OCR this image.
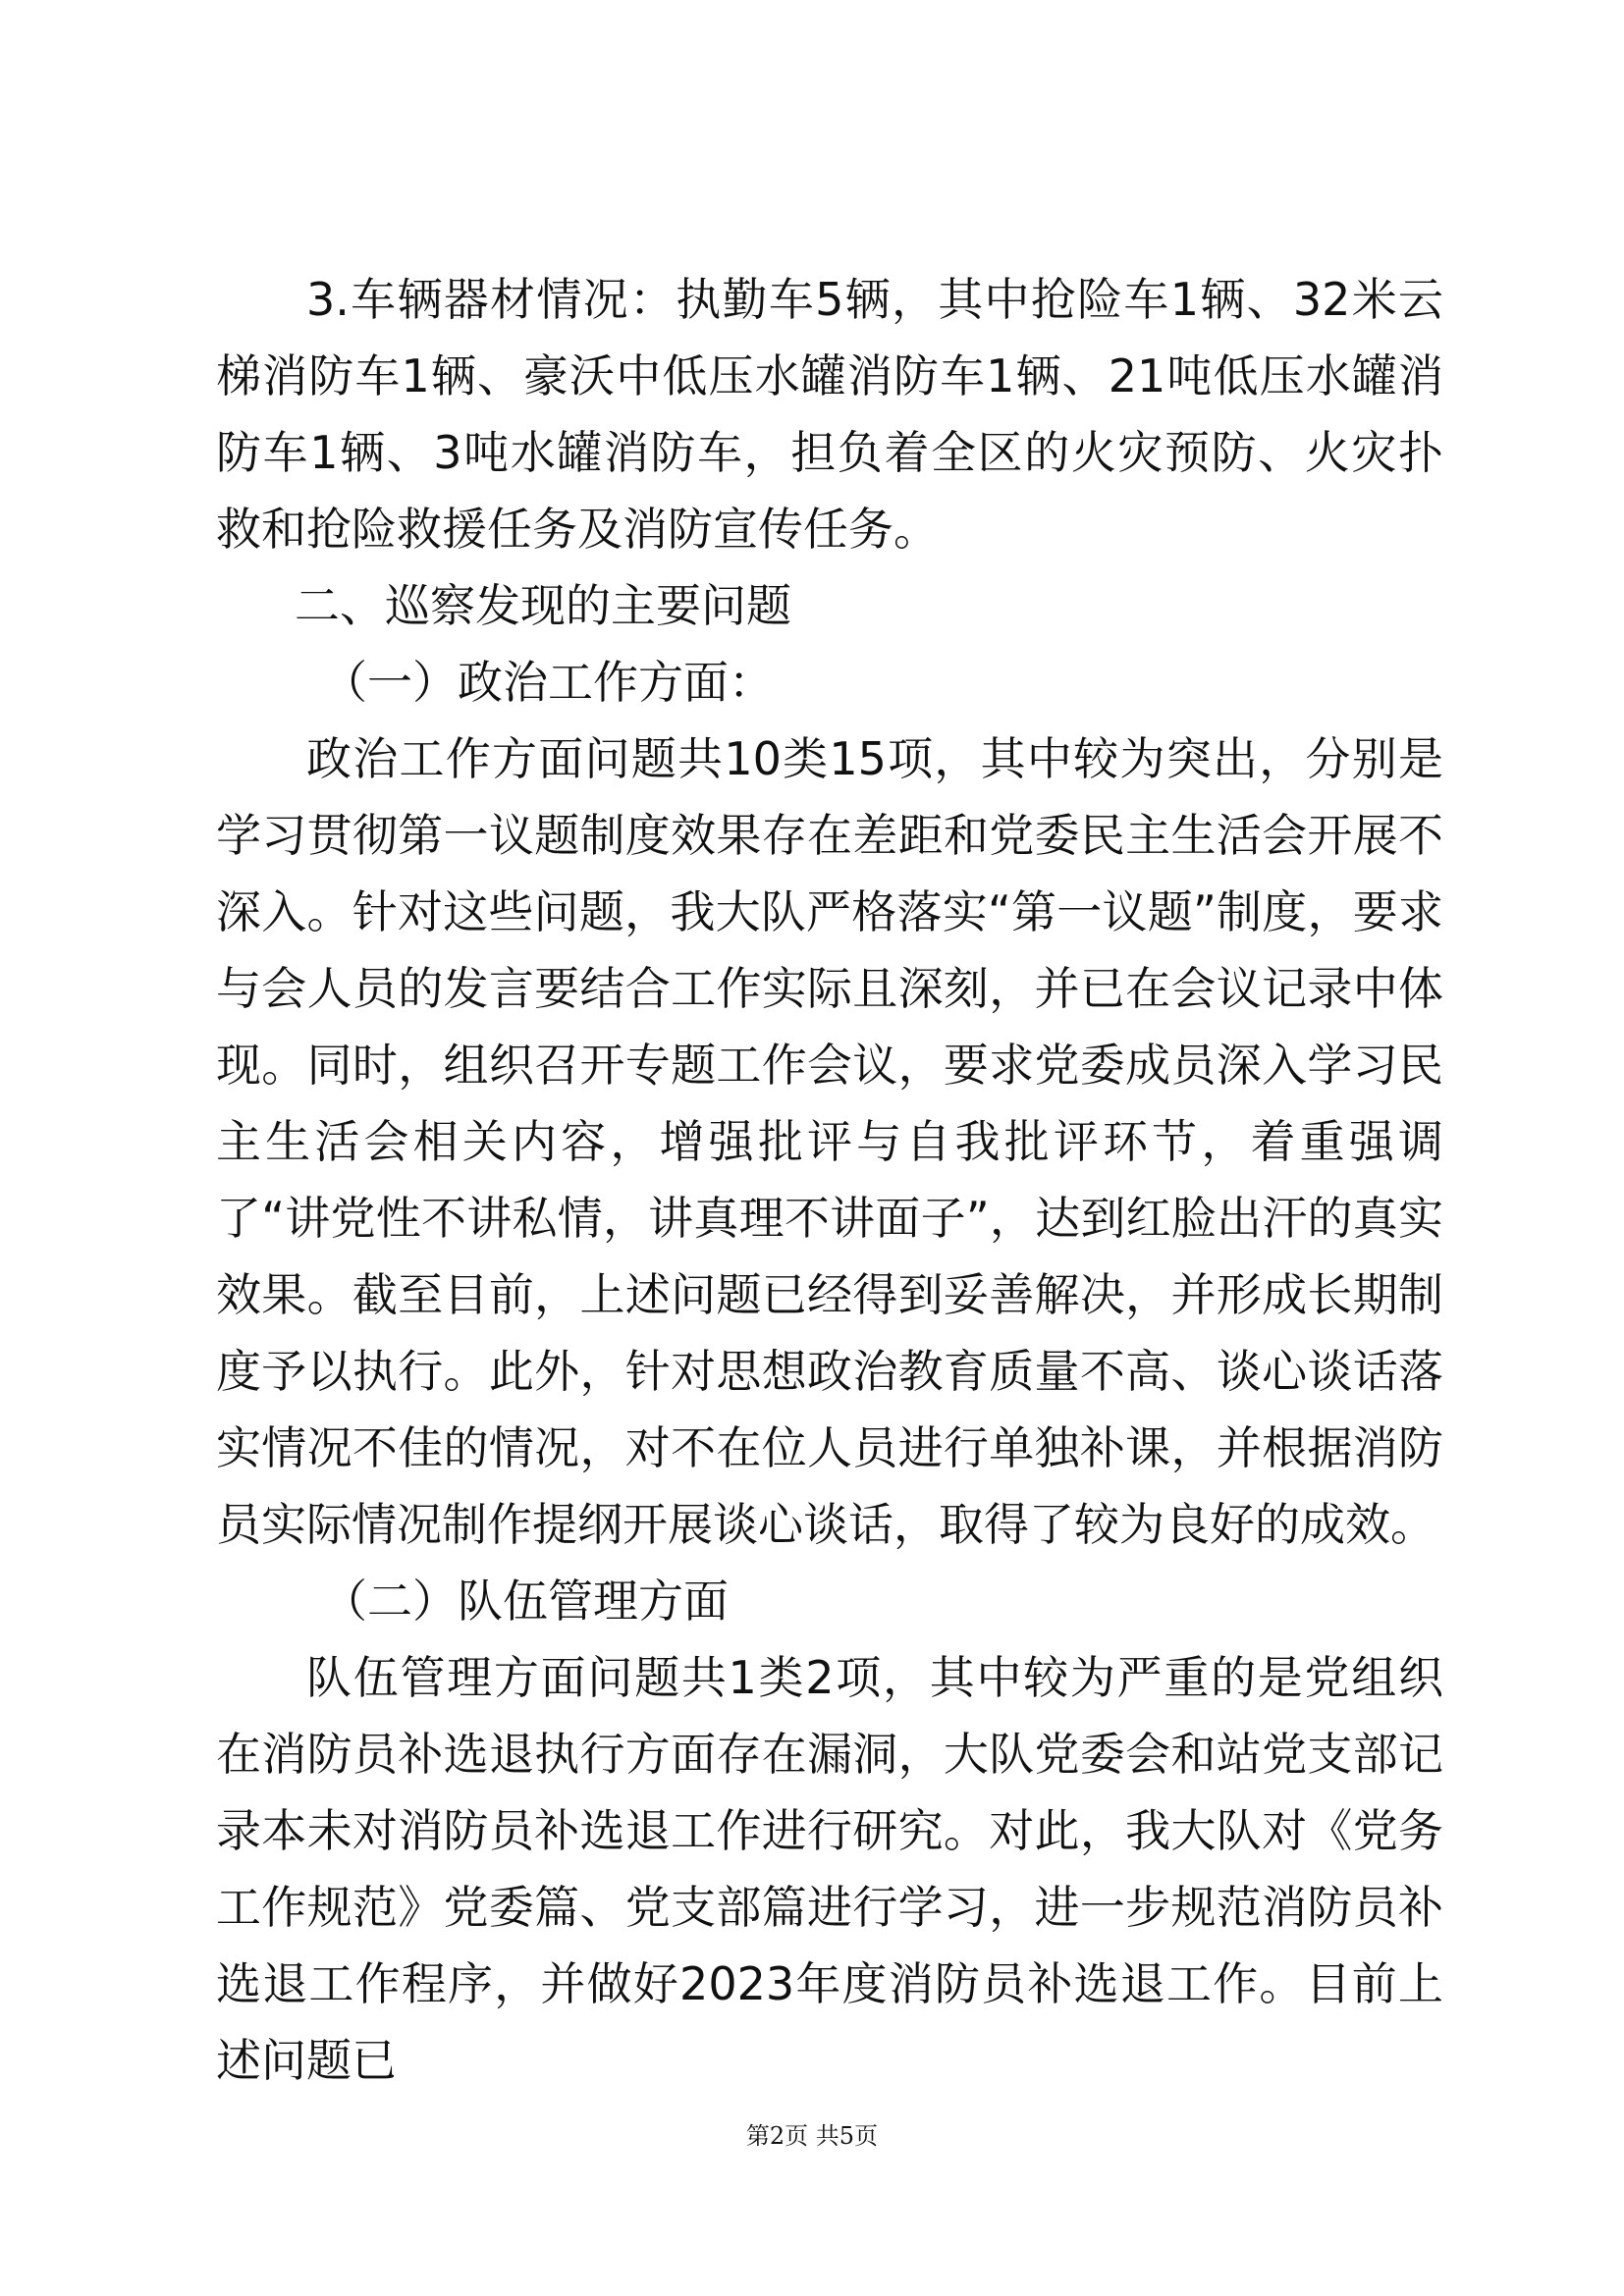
3.车辆器材情况：执勤车5辆，其中抢险车1辆、32米云梯消防车1辆、豪沃中低压水罐消防车1辆、21吨低压水罐消防车1辆、3吨水罐消防车，担负着全区的火灾预防、火灾扑救和抢险救援任务及消防宣传任务。

二、巡察发现的主要问题

（一）政治工作方面：

政治工作方面问题共10类15项，其中较为突出，分别是学习贯彻第一议题制度效果存在差距和党委民主生活会开展不深入。针对这些问题，我大队严格落实“第一议题”制度，要求与会人员的发言要结合工作实际且深刻，并已在会议记录中体现。同时，组织召开专题工作会议，要求党委成员深入学习民主生活会相关内容，增强批评与自我批评环节，着重强调了“讲党性不讲私情，讲真理不讲面子”，达到红脸出汗的真实效果。截至目前，上述问题已经得到妥善解决，并形成长期制度予以执行。此外，针对思想政治教育质量不高、谈心谈话落实情况不佳的情况，对不在位人员进行单独补课，并根据消防员实际情况制作提纲开展谈心谈话，取得了较为良好的成效。

（二）队伍管理方面

队伍管理方面问题共1类2项，其中较为严重的是党组织在消防员补选退执行方面存在漏洞，大队党委会和站党支部记录本未对消防员补选退工作进行研究。对此，我大队对《党务工作规范》党委篇、党支部篇进行学习，进一步规范消防员补选退工作程序，并做好2023年度消防员补选退工作。目前上述问题已

第2页 共5页
